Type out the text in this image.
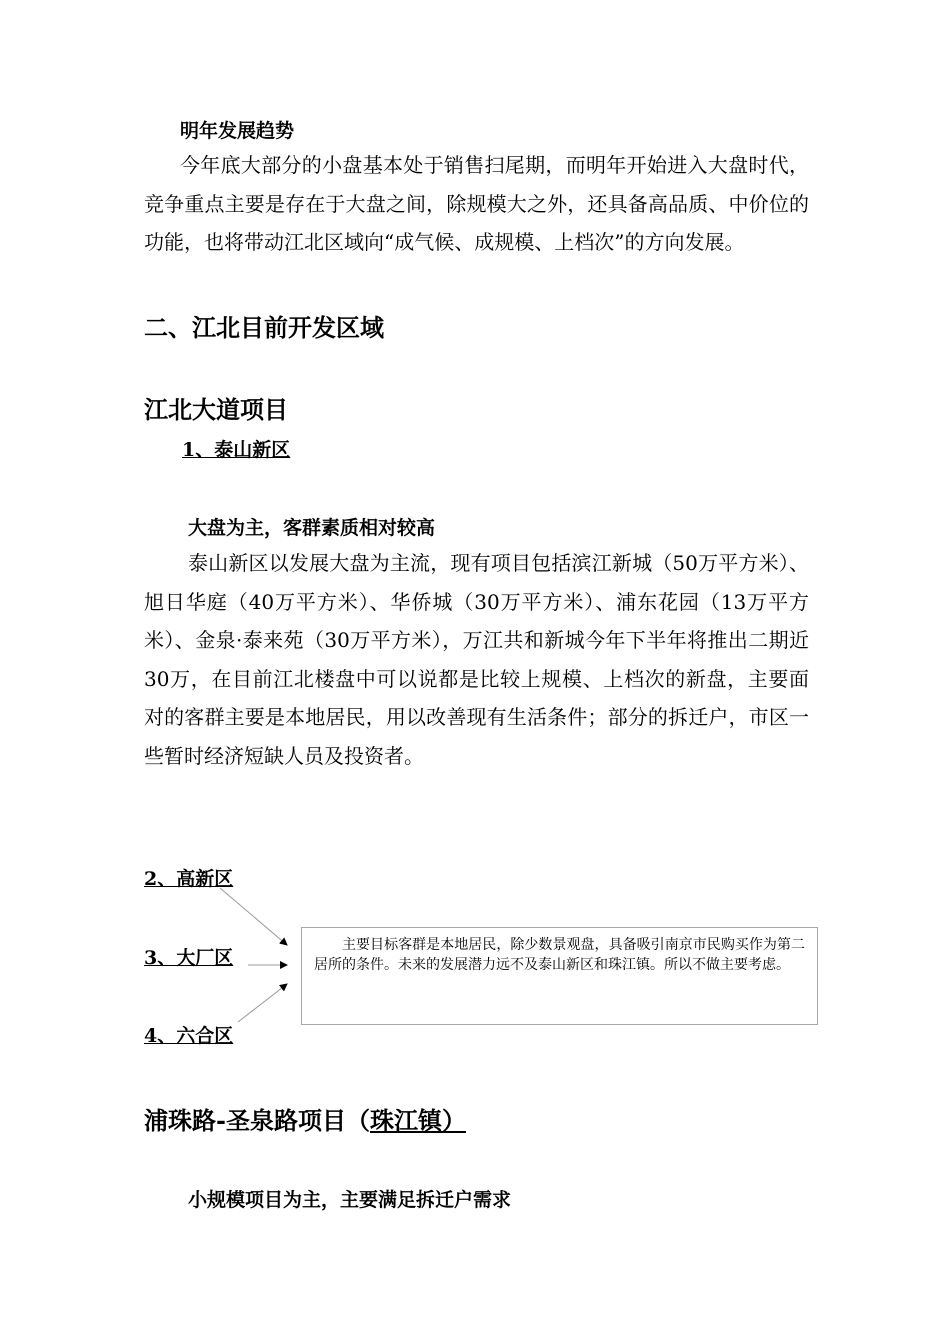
明年发展趋势
今年底大部分的小盘基本处于销售扫尾期，而明年开始进入大盘时代，竞争重点主要是存在于大盘之间，除规模大之外，还具备高品质、中价位的功能，也将带动江北区域向“成气候、成规模、上档次”的方向发展。
二、江北目前开发区域
江北大道项目
1、泰山新区
大盘为主，客群素质相对较高
泰山新区以发展大盘为主流，现有项目包括滨江新城（50万平方米）、旭日华庭（40万平方米）、华侨城（30万平方米）、浦东花园（13万平方米）、金泉·泰来苑（30万平方米），万江共和新城今年下半年将推出二期近30万，在目前江北楼盘中可以说都是比较上规模、上档次的新盘，主要面对的客群主要是本地居民，用以改善现有生活条件；部分的拆迁户，市区一些暂时经济短缺人员及投资者。
2、高新区
3、大厂区
4、六合区
主要目标客群是本地居民，除少数景观盘，具备吸引南京市民购买作为第二居所的条件。未来的发展潜力远不及泰山新区和珠江镇。所以不做主要考虑。
浦珠路-圣泉路项目（珠江镇）
小规模项目为主，主要满足拆迁户需求
